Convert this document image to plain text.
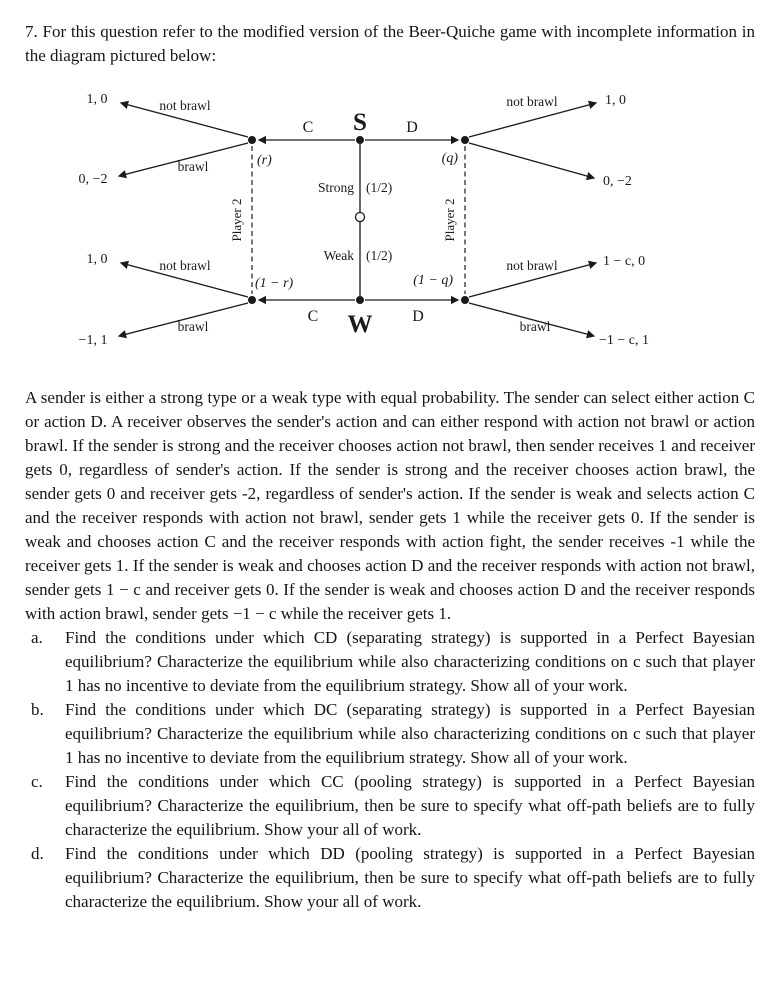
7. For this question refer to the modified version of the Beer-Quiche game with incomplete information in the diagram pictured below:

S
C	D
Strong (1/2)
Weak (1/2)
W
C	D
not brawl
1, 0
brawl
0, −2
not brawl	1, 0
0, −2
not brawl
1, 0
brawl
−1, 1
not brawl	1 − c, 0
brawl
−1 − c, 1
(r)
(1 − r)
(q)
(1 − q)
Player 2	Player 2

A sender is either a strong type or a weak type with equal probability. The sender can select either action C or action D. A receiver observes the sender's action and can either respond with action not brawl or action brawl. If the sender is strong and the receiver chooses action not brawl, then sender receives 1 and receiver gets 0, regardless of sender's action. If the sender is strong and the receiver chooses action brawl, the sender gets 0 and receiver gets -2, regardless of sender's action. If the sender is weak and selects action C and the receiver responds with action not brawl, sender gets 1 while the receiver gets 0. If the sender is weak and chooses action C and the receiver responds with action fight, the sender receives -1 while the receiver gets 1. If the sender is weak and chooses action D and the receiver responds with action not brawl, sender gets 1 − c and receiver gets 0. If the sender is weak and chooses action D and the receiver responds with action brawl, sender gets −1 − c while the receiver gets 1.

a.	Find the conditions under which CD (separating strategy) is supported in a Perfect Bayesian equilibrium? Characterize the equilibrium while also characterizing conditions on c such that player 1 has no incentive to deviate from the equilibrium strategy. Show all of your work.
b.	Find the conditions under which DC (separating strategy) is supported in a Perfect Bayesian equilibrium? Characterize the equilibrium while also characterizing conditions on c such that player 1 has no incentive to deviate from the equilibrium strategy. Show all of your work.
c.	Find the conditions under which CC (pooling strategy) is supported in a Perfect Bayesian equilibrium? Characterize the equilibrium, then be sure to specify what off-path beliefs are to fully characterize the equilibrium. Show your all of work.
d.	Find the conditions under which DD (pooling strategy) is supported in a Perfect Bayesian equilibrium? Characterize the equilibrium, then be sure to specify what off-path beliefs are to fully characterize the equilibrium. Show your all of work.
